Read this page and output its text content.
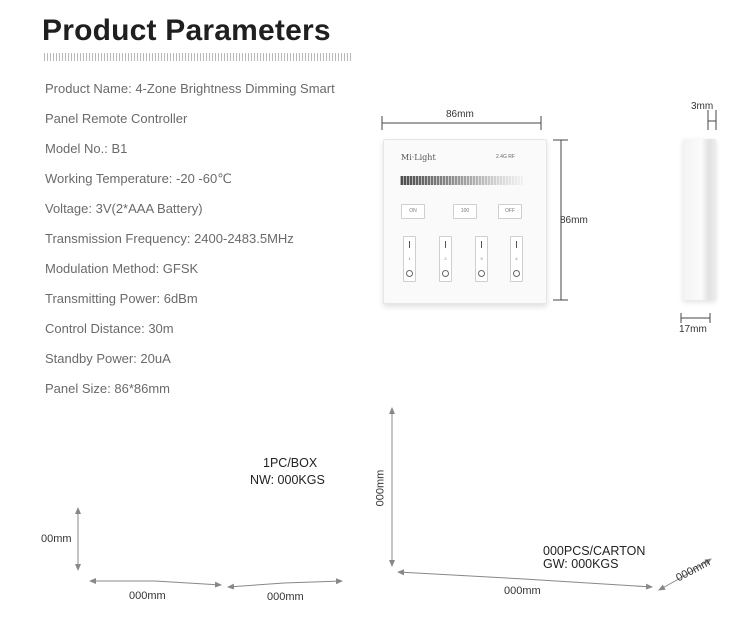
Product Parameters
Product Name: 4-Zone Brightness Dimming Smart
Panel Remote Controller
Model No.: B1
Working Temperature: -20 -60℃
Voltage: 3V(2*AAA Battery)
Transmission Frequency: 2400-2483.5MHz
Modulation Method: GFSK
Transmitting Power: 6dBm
Control Distance: 30m
Standby Power: 20uA
Panel Size: 86*86mm
86mm
86mm
3mm
17mm
Mi·Light	2.4G RF
ON	100	OFF
1	2	3	4
1PC/BOX
NW: 000KGS
00mm
000mm	000mm
000PCS/CARTON
GW: 000KGS
000mm
000mm
000mm
